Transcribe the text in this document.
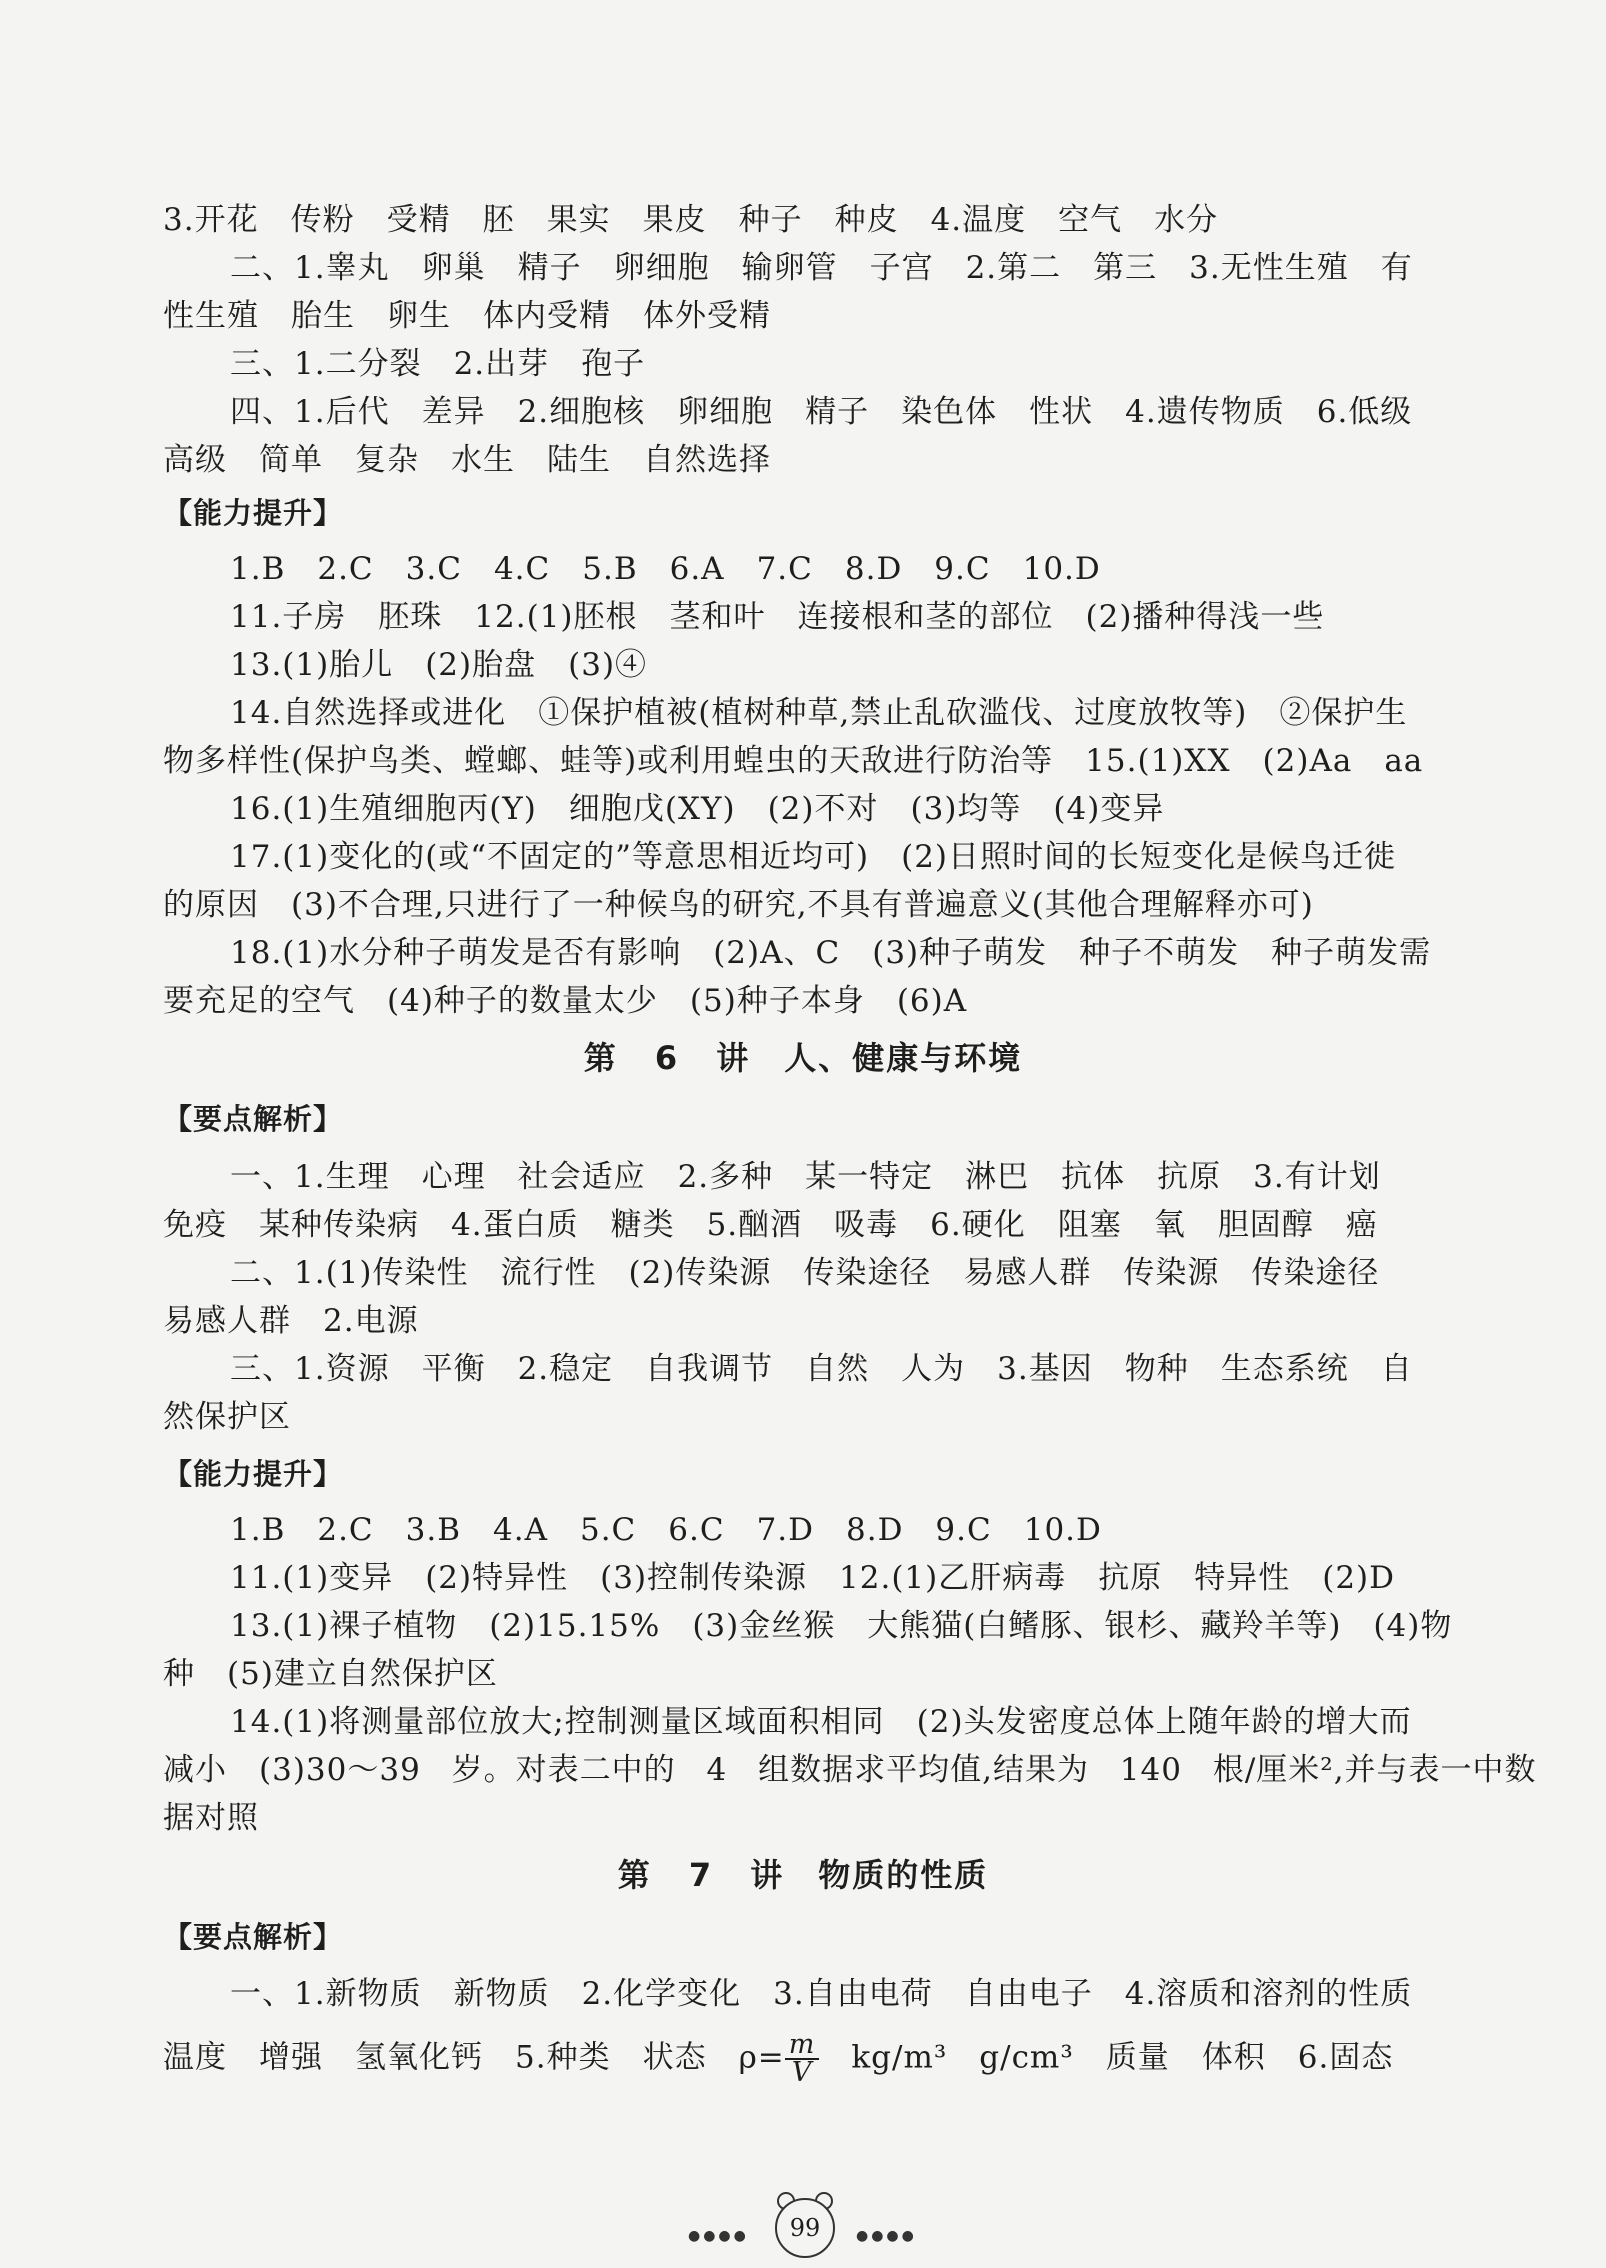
3.开花　传粉　受精　胚　果实　果皮　种子　种皮　4.温度　空气　水分
二、1.睾丸　卵巢　精子　卵细胞　输卵管　子宫　2.第二　第三　3.无性生殖　有
性生殖　胎生　卵生　体内受精　体外受精
三、1.二分裂　2.出芽　孢子
四、1.后代　差异　2.细胞核　卵细胞　精子　染色体　性状　4.遗传物质　6.低级
高级　简单　复杂　水生　陆生　自然选择
【能力提升】
1.B　2.C　3.C　4.C　5.B　6.A　7.C　8.D　9.C　10.D
11.子房　胚珠　12.(1)胚根　茎和叶　连接根和茎的部位　(2)播种得浅一些
13.(1)胎儿　(2)胎盘　(3)④
14.自然选择或进化　①保护植被(植树种草,禁止乱砍滥伐、过度放牧等)　②保护生
物多样性(保护鸟类、螳螂、蛙等)或利用蝗虫的天敌进行防治等　15.(1)XX　(2)Aa　aa
16.(1)生殖细胞丙(Y)　细胞戊(XY)　(2)不对　(3)均等　(4)变异
17.(1)变化的(或“不固定的”等意思相近均可)　(2)日照时间的长短变化是候鸟迁徙
的原因　(3)不合理,只进行了一种候鸟的研究,不具有普遍意义(其他合理解释亦可)
18.(1)水分种子萌发是否有影响　(2)A、C　(3)种子萌发　种子不萌发　种子萌发需
要充足的空气　(4)种子的数量太少　(5)种子本身　(6)A
第 6 讲　人、健康与环境
【要点解析】
一、1.生理　心理　社会适应　2.多种　某一特定　淋巴　抗体　抗原　3.有计划
免疫　某种传染病　4.蛋白质　糖类　5.酗酒　吸毒　6.硬化　阻塞　氧　胆固醇　癌
二、1.(1)传染性　流行性　(2)传染源　传染途径　易感人群　传染源　传染途径
易感人群　2.电源
三、1.资源　平衡　2.稳定　自我调节　自然　人为　3.基因　物种　生态系统　自
然保护区
【能力提升】
1.B　2.C　3.B　4.A　5.C　6.C　7.D　8.D　9.C　10.D
11.(1)变异　(2)特异性　(3)控制传染源　12.(1)乙肝病毒　抗原　特异性　(2)D
13.(1)裸子植物　(2)15.15%　(3)金丝猴　大熊猫(白鳍豚、银杉、藏羚羊等)　(4)物
种　(5)建立自然保护区
14.(1)将测量部位放大;控制测量区域面积相同　(2)头发密度总体上随年龄的增大而
减小　(3)30～39 岁。对表二中的 4 组数据求平均值,结果为 140 根/厘米²,并与表一中数
据对照
第 7 讲　物质的性质
【要点解析】
一、1.新物质　新物质　2.化学变化　3.自由电荷　自由电子　4.溶质和溶剂的性质
温度　增强　氢氧化钙　5.种类　状态　$\rho= \frac{m}{V}$ 　kg/m³　g/cm³　质量　体积　6.固态
●●●●	99	●●●●
